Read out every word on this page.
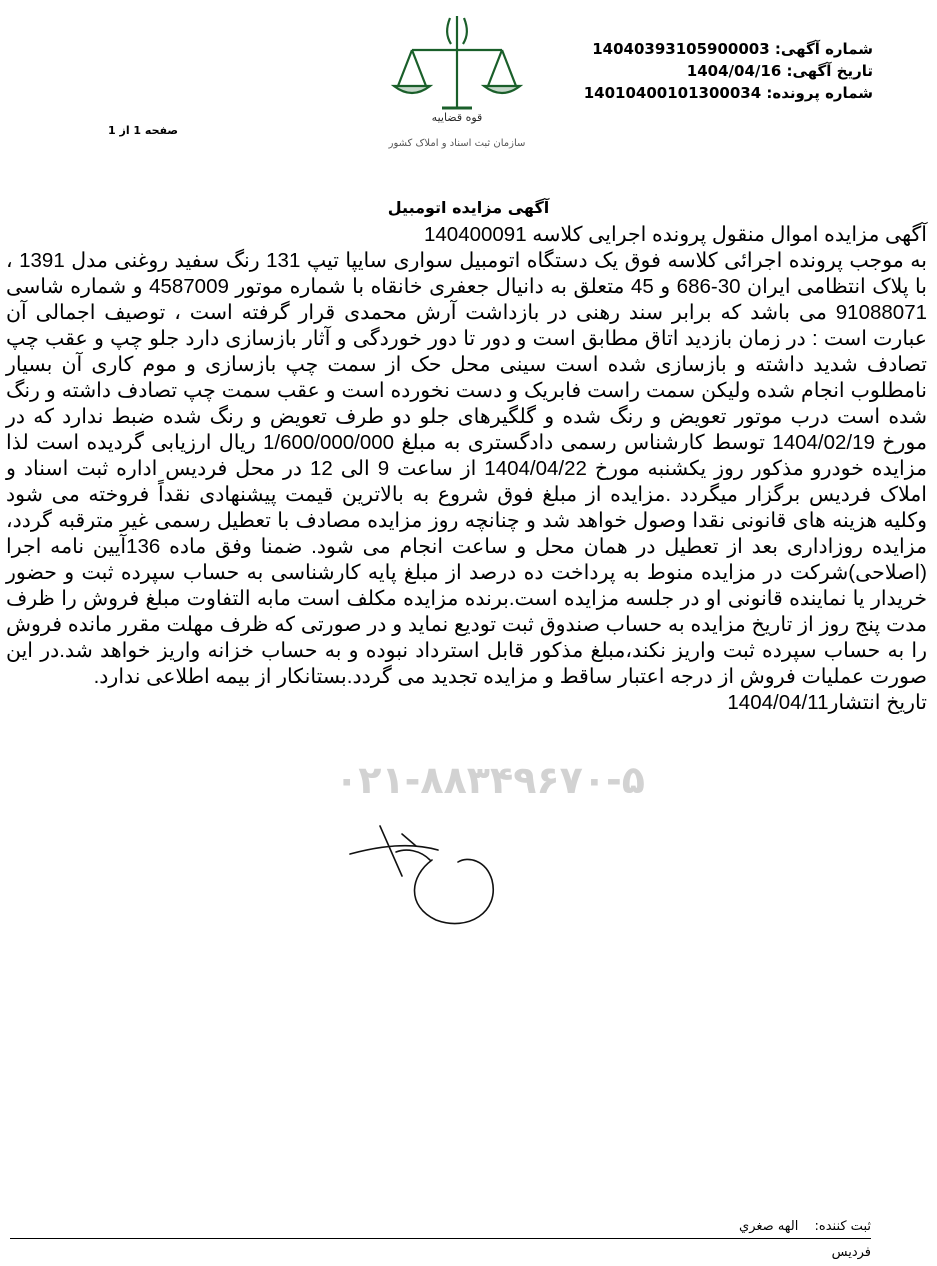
قوه قضاییه
سازمان ثبت اسناد و املاک کشور
شماره آگهی: 14040393105900003
تاریخ آگهی: 1404/04/16
شماره پرونده: 14010400101300034
صفحه 1 از 1
آگهی مزایده اتومبیل
۰۲۱-۸۸۳۴۹۶۷۰-۵

آگهی مزایده اموال منقول پرونده اجرایی کلاسه 140400091

به موجب پرونده اجرائی کلاسه فوق یک دستگاه اتومبیل سواری سایپا تیپ 131 رنگ سفید روغنی مدل 1391 ، با پلاک انتظامی ایران 30-686 و 45 متعلق به دانیال جعفری خانقاه با شماره موتور 4587009 و شماره شاسی 91088071 می باشد که برابر سند رهنی در بازداشت آرش محمدی قرار گرفته است ، توصیف اجمالی آن عبارت است : در زمان بازدید اتاق مطابق است و دور تا دور خوردگی و آثار بازسازی دارد جلو چپ و عقب چپ تصادف شدید داشته و بازسازی شده است سینی محل حک از سمت چپ بازسازی و موم کاری آن بسیار نامطلوب انجام شده ولیکن سمت راست فابریک و دست نخورده است و عقب سمت چپ تصادف داشته و رنگ شده است درب موتور تعویض و رنگ شده و گلگیرهای جلو دو طرف تعویض و رنگ شده ضبط ندارد که در مورخ 1404/02/19 توسط کارشناس رسمی دادگستری به مبلغ 1/600/000/000 ریال ارزیابی گردیده است لذا مزایده خودرو مذکور روز یکشنبه مورخ 1404/04/22 از ساعت 9 الی 12 در محل فردیس اداره ثبت اسناد و املاک فردیس برگزار میگردد .مزایده از مبلغ فوق شروع به بالاترین قیمت پیشنهادی نقداً فروخته می شود وکلیه هزینه های قانونی نقدا وصول خواهد شد و چنانچه روز مزایده مصادف با تعطیل رسمی غیر مترقبه گردد، مزایده روزاداری بعد از تعطیل در همان محل و ساعت انجام می شود. ضمنا وفق ماده 136آیین نامه اجرا (اصلاحی)شرکت در مزایده منوط به پرداخت ده درصد از مبلغ پایه کارشناسی به حساب سپرده ثبت و حضور خریدار یا نماینده قانونی او در جلسه مزایده است.برنده مزایده مکلف است مابه التفاوت مبلغ فروش را ظرف مدت پنج روز از تاریخ مزایده به حساب صندوق ثبت تودیع نماید و در صورتی که ظرف مهلت مقرر مانده فروش را به حساب سپرده ثبت واریز نکند،مبلغ مذکور قابل استرداد نبوده و به حساب خزانه واریز خواهد شد.در این صورت عملیات فروش از درجه اعتبار ساقط و مزایده تجدید می گردد.بستانکار از بیمه اطلاعی ندارد.

تاریخ انتشار1404/04/11

ثبت کننده: الهه صغري
فرديس
